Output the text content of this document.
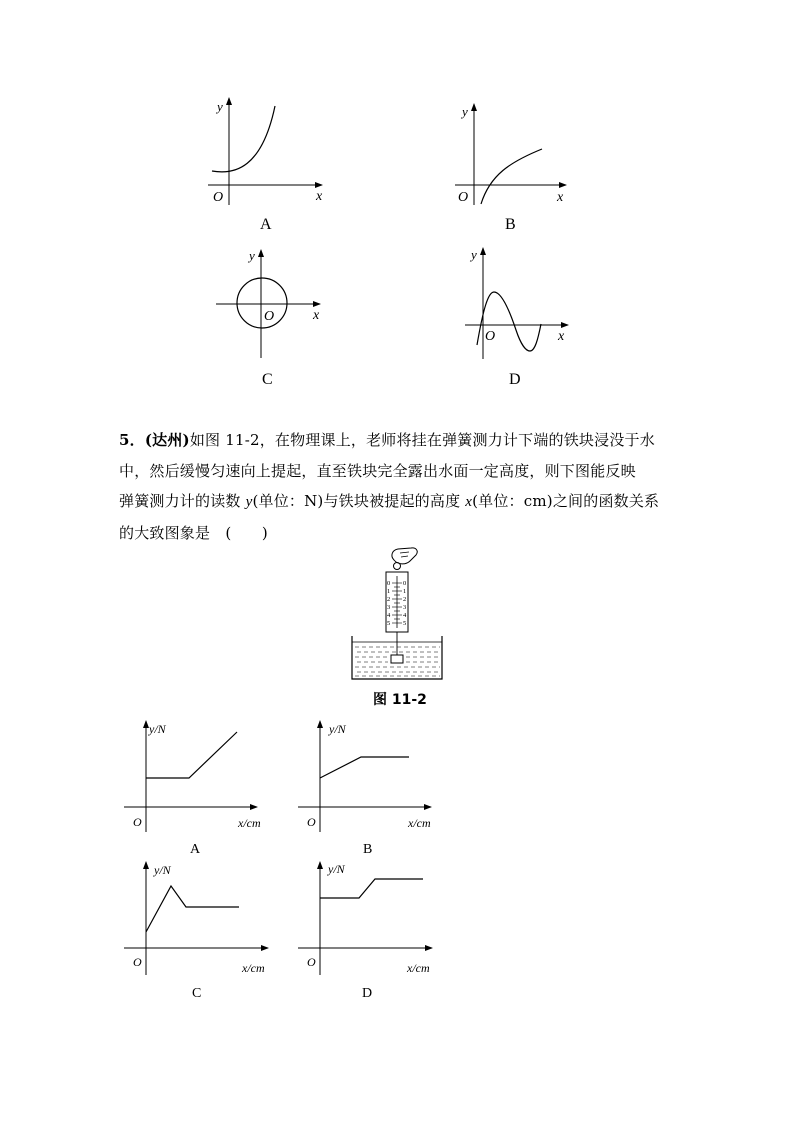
y
x
O
A
y
x
O
B
y
x
O
C
y
x
O
D
5．(达州)如图 11-2，在物理课上，老师将挂在弹簧测力计下端的铁块浸没于水
中，然后缓慢匀速向上提起，直至铁块完全露出水面一定高度，则下图能反映
弹簧测力计的读数 y(单位：N)与铁块被提起的高度 x(单位：cm)之间的函数关系
的大致图象是　(　　)
0 0
1 1
2 2
3 3
4 4
5 5
图 11-2
y/N
x/cm
O
A
y/N
x/cm
O
B
y/N
x/cm
O
C
y/N
x/cm
O
D
